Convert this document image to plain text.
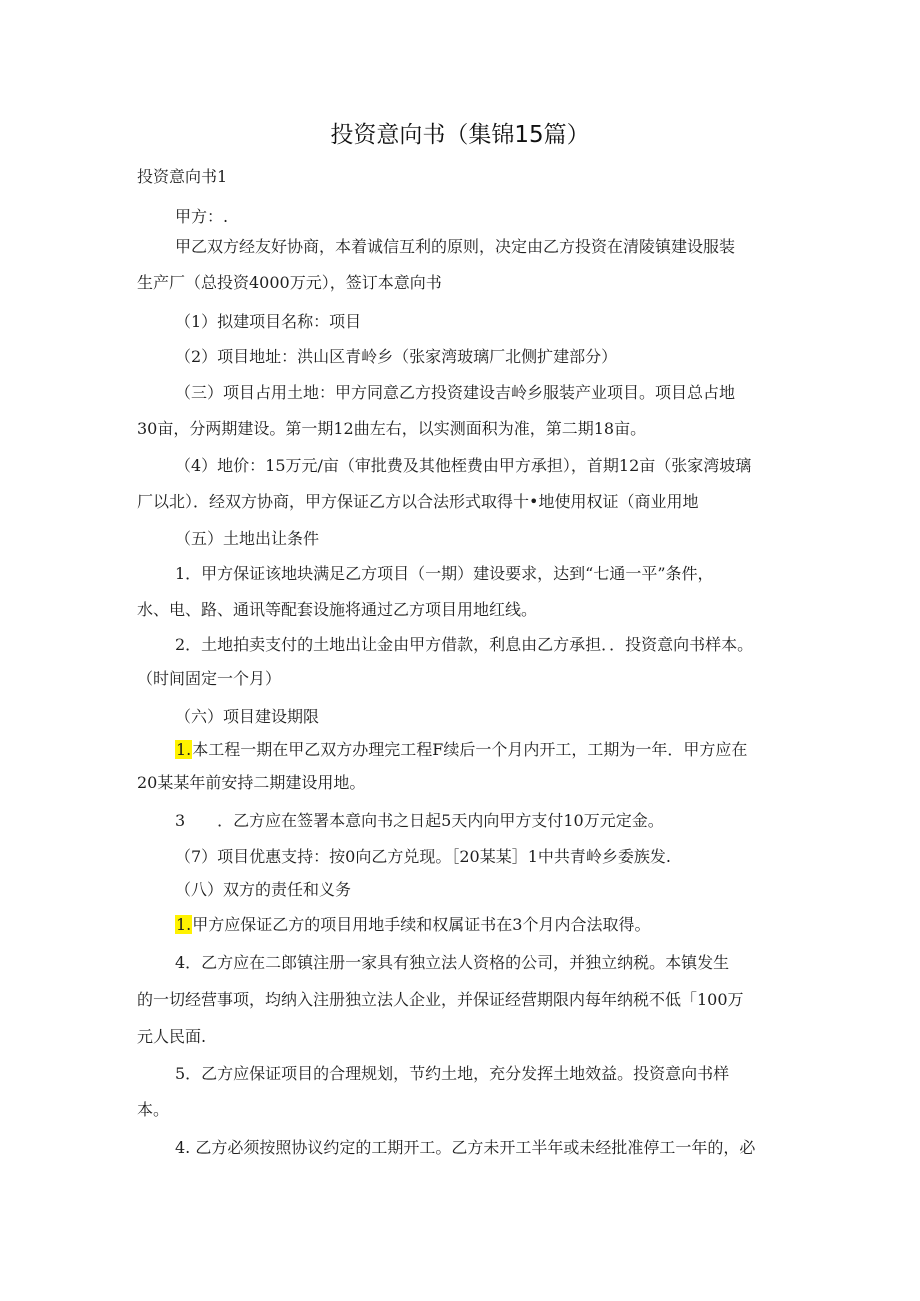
投资意向书（集锦15篇）
投资意向书1
甲方：.
甲乙双方经友好协商，本着诚信互利的原则，决定由乙方投资在清陵镇建设服装
生产厂（总投资4000万元），签订本意向书
（1）拟建项目名称：项目
（2）项目地址：洪山区青岭乡（张家湾玻璃厂北侧扩建部分）
（三）项目占用土地：甲方同意乙方投资建设吉岭乡服装产业项目。项目总占地
30亩，分两期建设。第一期12曲左右，以实测面积为准，第二期18亩。
（4）地价：15万元/亩（审批费及其他桎费由甲方承担），首期12亩（张家湾坡璃
厂以北）．经双方协商，甲方保证乙方以合法形式取得十•地使用权证（商业用地
（五）土地出让条件
1．甲方保证该地块满足乙方项目（一期）建设要求，达到“七通一平”条件，
水、电、路、通讯等配套设施将通过乙方项目用地红线。
2．土地拍卖支付的土地出让金由甲方借款，利息由乙方承担．．投资意向书样本。
（时间固定一个月）
（六）项目建设期限
1.本工程一期在甲乙双方办理完工程F续后一个月内开工，工期为一年．甲方应在
20某某年前安持二期建设用地。
3　　．乙方应在签署本意向书之日起5天内向甲方支付10万元定金。
（7）项目优惠支持：按0向乙方兑现。［20某某］1中共青岭乡委族发.
（八）双方的责任和义务
1.甲方应保证乙方的项目用地手续和权属证书在3个月内合法取得。
4．乙方应在二郎镇注册一家具有独立法人资格的公司，并独立纳税。本镇发生
的一切经营事项，均纳入注册独立法人企业，并保证经营期限内每年纳税不低「100万
元人民面.
5．乙方应保证项目的合理规划，节约土地，充分发挥土地效益。投资意向书样
本。
4. 乙方必须按照协议约定的工期开工。乙方未开工半年或未经批准停工一年的，必
